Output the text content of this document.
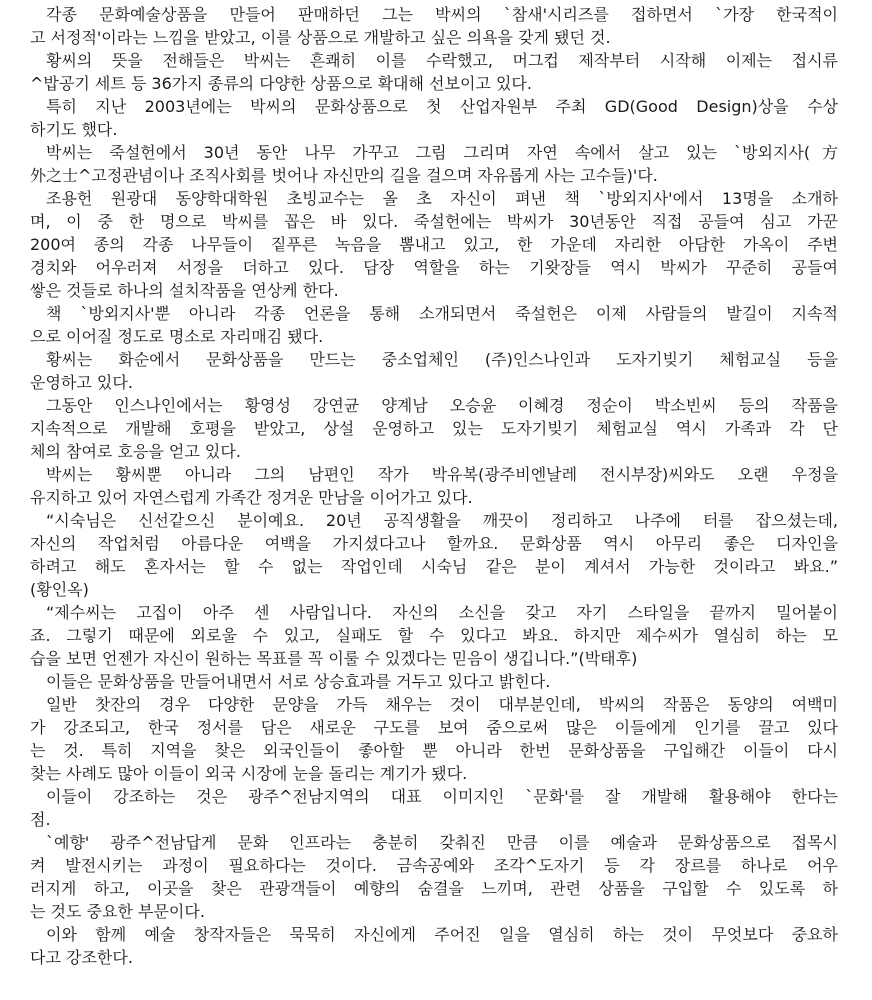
각종 문화예술상품을 만들어 판매하던 그는 박씨의 `참새'시리즈를 접하면서 `가장 한국적이
고 서정적'이라는 느낌을 받았고, 이를 상품으로 개발하고 싶은 의욕을 갖게 됐던 것.
황씨의 뜻을 전해들은 박씨는 흔쾌히 이를 수락했고, 머그컵 제작부터 시작해 이제는 접시류
^밥공기 세트 등 36가지 종류의 다양한 상품으로 확대해 선보이고 있다.
특히 지난 2003년에는 박씨의 문화상품으로 첫 산업자원부 주최 GD(Good Design)상을 수상
하기도 했다.
박씨는 죽설헌에서 30년 동안 나무 가꾸고 그림 그리며 자연 속에서 살고 있는 `방외지사(方
外之士^고정관념이나 조직사회를 벗어나 자신만의 길을 걸으며 자유롭게 사는 고수들)'다.
조용헌 원광대 동양학대학원 초빙교수는 올 초 자신이 펴낸 책 `방외지사'에서 13명을 소개하
며, 이 중 한 명으로 박씨를 꼽은 바 있다. 죽설헌에는 박씨가 30년동안 직접 공들여 심고 가꾼
200여 종의 각종 나무들이 짙푸른 녹음을 뽐내고 있고, 한 가운데 자리한 아담한 가옥이 주변
경치와 어우러져 서정을 더하고 있다. 담장 역할을 하는 기왓장들 역시 박씨가 꾸준히 공들여
쌓은 것들로 하나의 설치작품을 연상케 한다.
책 `방외지사'뿐 아니라 각종 언론을 통해 소개되면서 죽설헌은 이제 사람들의 발길이 지속적
으로 이어질 정도로 명소로 자리매김 됐다.
황씨는 화순에서 문화상품을 만드는 중소업체인 (주)인스나인과 도자기빚기 체험교실 등을
운영하고 있다.
그동안 인스나인에서는 황영성 강연균 양계남 오승윤 이혜경 정순이 박소빈씨 등의 작품을
지속적으로 개발해 호평을 받았고, 상설 운영하고 있는 도자기빚기 체험교실 역시 가족과 각 단
체의 참여로 호응을 얻고 있다.
박씨는 황씨뿐 아니라 그의 남편인 작가 박유복(광주비엔날레 전시부장)씨와도 오랜 우정을
유지하고 있어 자연스럽게 가족간 정겨운 만남을 이어가고 있다.
“시숙님은 신선같으신 분이예요. 20년 공직생활을 깨끗이 정리하고 나주에 터를 잡으셨는데,
자신의 작업처럼 아름다운 여백을 가지셨다고나 할까요. 문화상품 역시 아무리 좋은 디자인을
하려고 해도 혼자서는 할 수 없는 작업인데 시숙님 같은 분이 계셔서 가능한 것이라고 봐요.”
(황인옥)
“제수씨는 고집이 아주 센 사람입니다. 자신의 소신을 갖고 자기 스타일을 끝까지 밀어붙이
죠. 그렇기 때문에 외로울 수 있고, 실패도 할 수 있다고 봐요. 하지만 제수씨가 열심히 하는 모
습을 보면 언젠가 자신이 원하는 목표를 꼭 이룰 수 있겠다는 믿음이 생깁니다.”(박태후)
이들은 문화상품을 만들어내면서 서로 상승효과를 거두고 있다고 밝힌다.
일반 찻잔의 경우 다양한 문양을 가득 채우는 것이 대부분인데, 박씨의 작품은 동양의 여백미
가 강조되고, 한국 정서를 담은 새로운 구도를 보여 줌으로써 많은 이들에게 인기를 끌고 있다
는 것. 특히 지역을 찾은 외국인들이 좋아할 뿐 아니라 한번 문화상품을 구입해간 이들이 다시
찾는 사례도 많아 이들이 외국 시장에 눈을 돌리는 계기가 됐다.
이들이 강조하는 것은 광주^전남지역의 대표 이미지인 `문화'를 잘 개발해 활용해야 한다는
점.
`예향' 광주^전남답게 문화 인프라는 충분히 갖춰진 만큼 이를 예술과 문화상품으로 접목시
켜 발전시키는 과정이 필요하다는 것이다. 금속공예와 조각^도자기 등 각 장르를 하나로 어우
러지게 하고, 이곳을 찾은 관광객들이 예향의 숨결을 느끼며, 관련 상품을 구입할 수 있도록 하
는 것도 중요한 부문이다.
이와 함께 예술 창작자들은 묵묵히 자신에게 주어진 일을 열심히 하는 것이 무엇보다 중요하
다고 강조한다.
